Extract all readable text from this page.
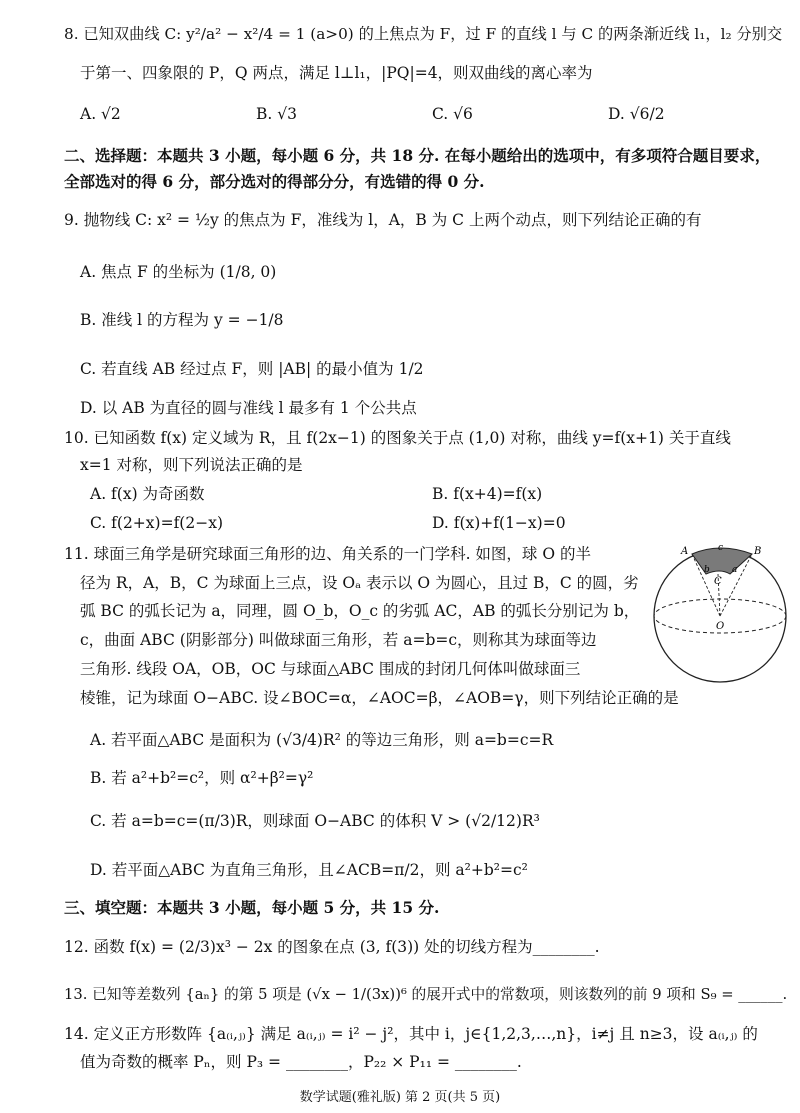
8. 已知双曲线 C: y²/a² − x²/4 = 1 (a>0) 的上焦点为 F，过 F 的直线 l 与 C 的两条渐近线 l₁，l₂ 分别交
于第一、四象限的 P，Q 两点，满足 l⊥l₁，|PQ|=4，则双曲线的离心率为
A. √2	B. √3	C. √6	D. √6/2
二、选择题：本题共 3 小题，每小题 6 分，共 18 分. 在每小题给出的选项中，有多项符合题目要求，
全部选对的得 6 分，部分选对的得部分分，有选错的得 0 分.
9. 抛物线 C: x² = ½y 的焦点为 F，准线为 l，A，B 为 C 上两个动点，则下列结论正确的有
A. 焦点 F 的坐标为 (1/8, 0)
B. 准线 l 的方程为 y = −1/8
C. 若直线 AB 经过点 F，则 |AB| 的最小值为 1/2
D. 以 AB 为直径的圆与准线 l 最多有 1 个公共点
10. 已知函数 f(x) 定义域为 R，且 f(2x−1) 的图象关于点 (1,0) 对称，曲线 y=f(x+1) 关于直线
x=1 对称，则下列说法正确的是
A. f(x) 为奇函数	B. f(x+4)=f(x)
C. f(2+x)=f(2−x)	D. f(x)+f(1−x)=0
11. 球面三角学是研究球面三角形的边、角关系的一门学科. 如图，球 O 的半
径为 R，A，B，C 为球面上三点，设 Oₐ 表示以 O 为圆心，且过 B，C 的圆，劣
弧 BC 的弧长记为 a，同理，圆 O_b，O_c 的劣弧 AC，AB 的弧长分别记为 b，
c，曲面 ABC (阴影部分) 叫做球面三角形，若 a=b=c，则称其为球面等边
三角形. 线段 OA，OB，OC 与球面△ABC 围成的封闭几何体叫做球面三
棱锥，记为球面 O−ABC. 设∠BOC=α，∠AOC=β，∠AOB=γ，则下列结论正确的是
A	B
C
c
a
b
O
A. 若平面△ABC 是面积为 (√3/4)R² 的等边三角形，则 a=b=c=R
B. 若 a²+b²=c²，则 α²+β²=γ²
C. 若 a=b=c=(π/3)R，则球面 O−ABC 的体积 V > (√2/12)R³
D. 若平面△ABC 为直角三角形，且∠ACB=π/2，则 a²+b²=c²
三、填空题：本题共 3 小题，每小题 5 分，共 15 分.
12. 函数 f(x) = (2/3)x³ − 2x 的图象在点 (3, f(3)) 处的切线方程为________.
13. 已知等差数列 {aₙ} 的第 5 项是 (√x − 1/(3x))⁶ 的展开式中的常数项，则该数列的前 9 项和 S₉ = ______.
14. 定义正方形数阵 {a₍ᵢ,ⱼ₎} 满足 a₍ᵢ,ⱼ₎ = i² − j²，其中 i，j∈{1,2,3,…,n}，i≠j 且 n≥3，设 a₍ᵢ,ⱼ₎ 的
值为奇数的概率 Pₙ，则 P₃ = ________，P₂₂ × P₁₁ = ________.
数学试题(雅礼版) 第 2 页(共 5 页)
